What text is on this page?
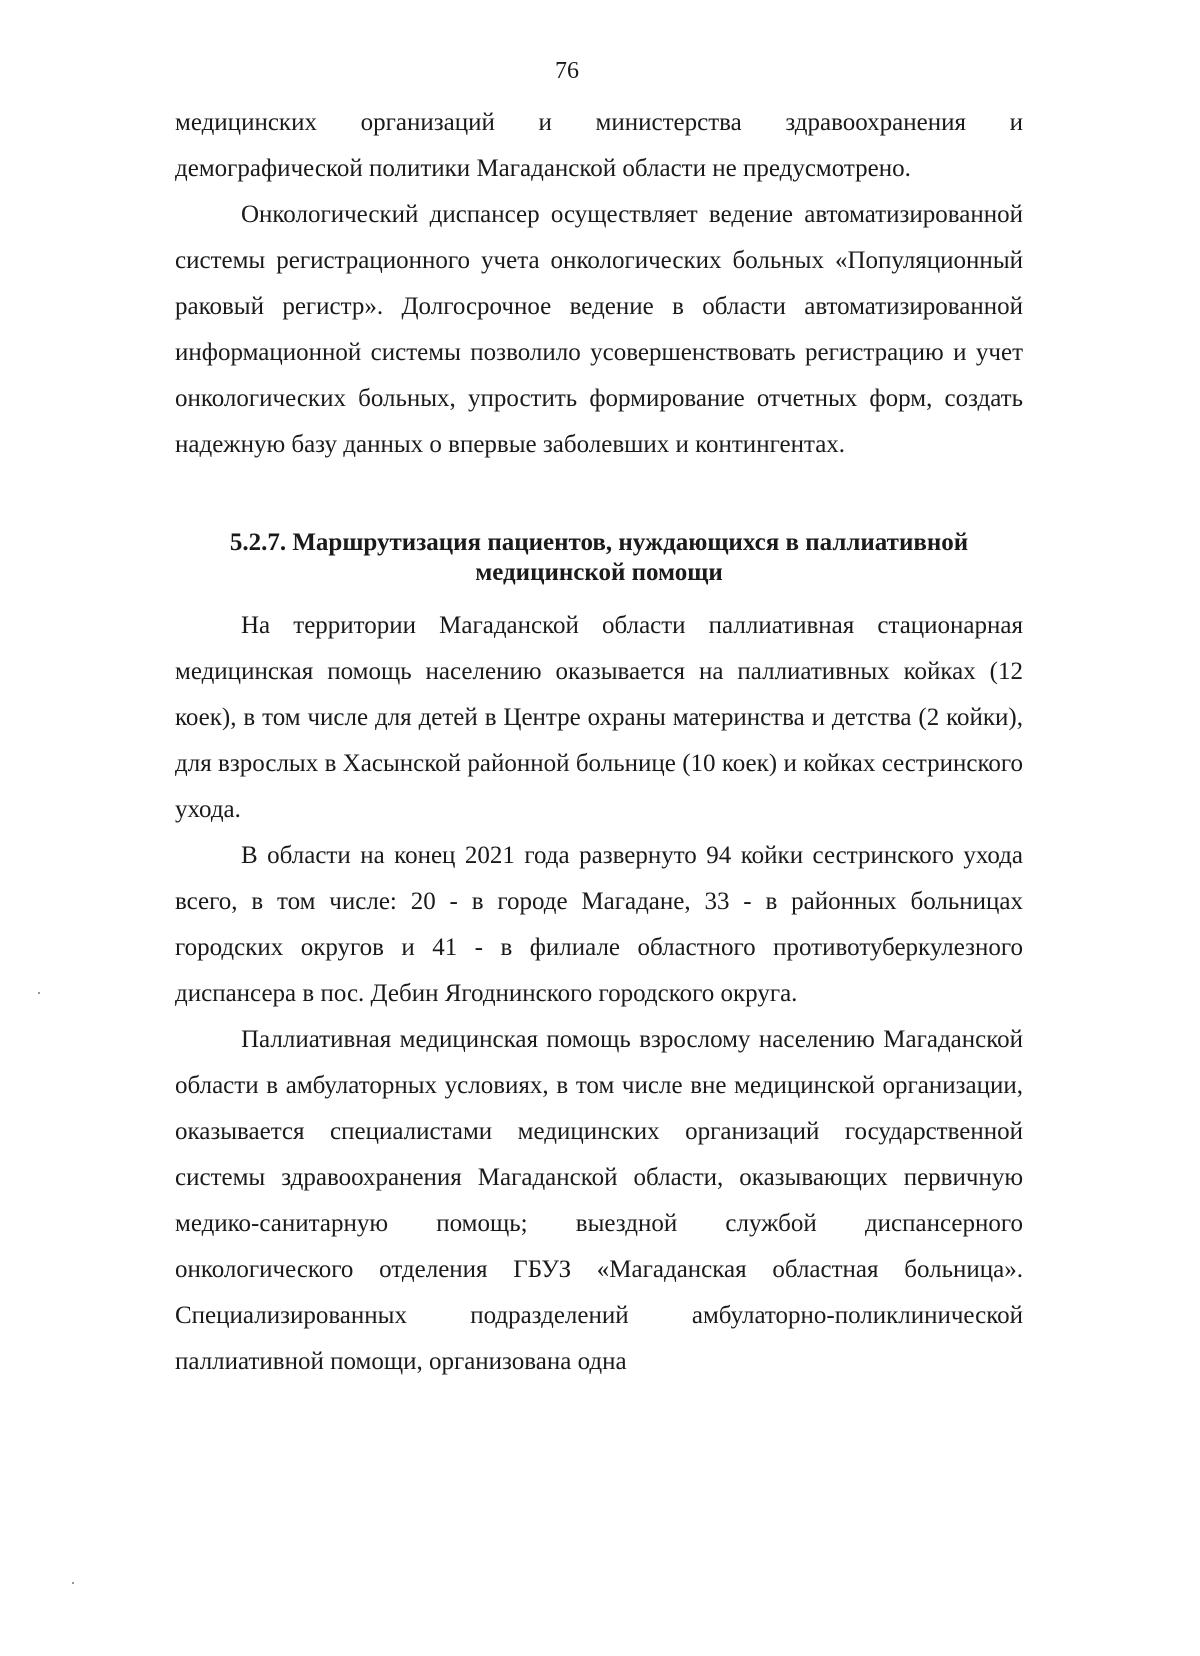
76

медицинских организаций и министерства здравоохранения и демографической политики Магаданской области не предусмотрено.

Онкологический диспансер осуществляет ведение автоматизированной системы регистрационного учета онкологических больных «Популяционный раковый регистр». Долгосрочное ведение в области автоматизированной информационной системы позволило усовершенствовать регистрацию и учет онкологических больных, упростить формирование отчетных форм, создать надежную базу данных о впервые заболевших и контингентах.

5.2.7. Маршрутизация пациентов, нуждающихся в паллиативной
медицинской помощи

На территории Магаданской области паллиативная стационарная медицинская помощь населению оказывается на паллиативных койках (12 коек), в том числе для детей в Центре охраны материнства и детства (2 койки), для взрослых в Хасынской районной больнице (10 коек) и койках сестринского ухода.

В области на конец 2021 года развернуто 94 койки сестринского ухода всего, в том числе: 20 - в городе Магадане, 33 - в районных больницах городских округов и 41 - в филиале областного противотуберкулезного диспансера в пос. Дебин Ягоднинского городского округа.

Паллиативная медицинская помощь взрослому населению Магаданской области в амбулаторных условиях, в том числе вне медицинской организации, оказывается специалистами медицинских организаций государственной системы здравоохранения Магаданской области, оказывающих первичную медико-санитарную помощь; выездной службой диспансерного онкологического отделения ГБУЗ «Магаданская областная больница». Специализированных подразделений амбулаторно-поликлинической паллиативной помощи, организована одна
